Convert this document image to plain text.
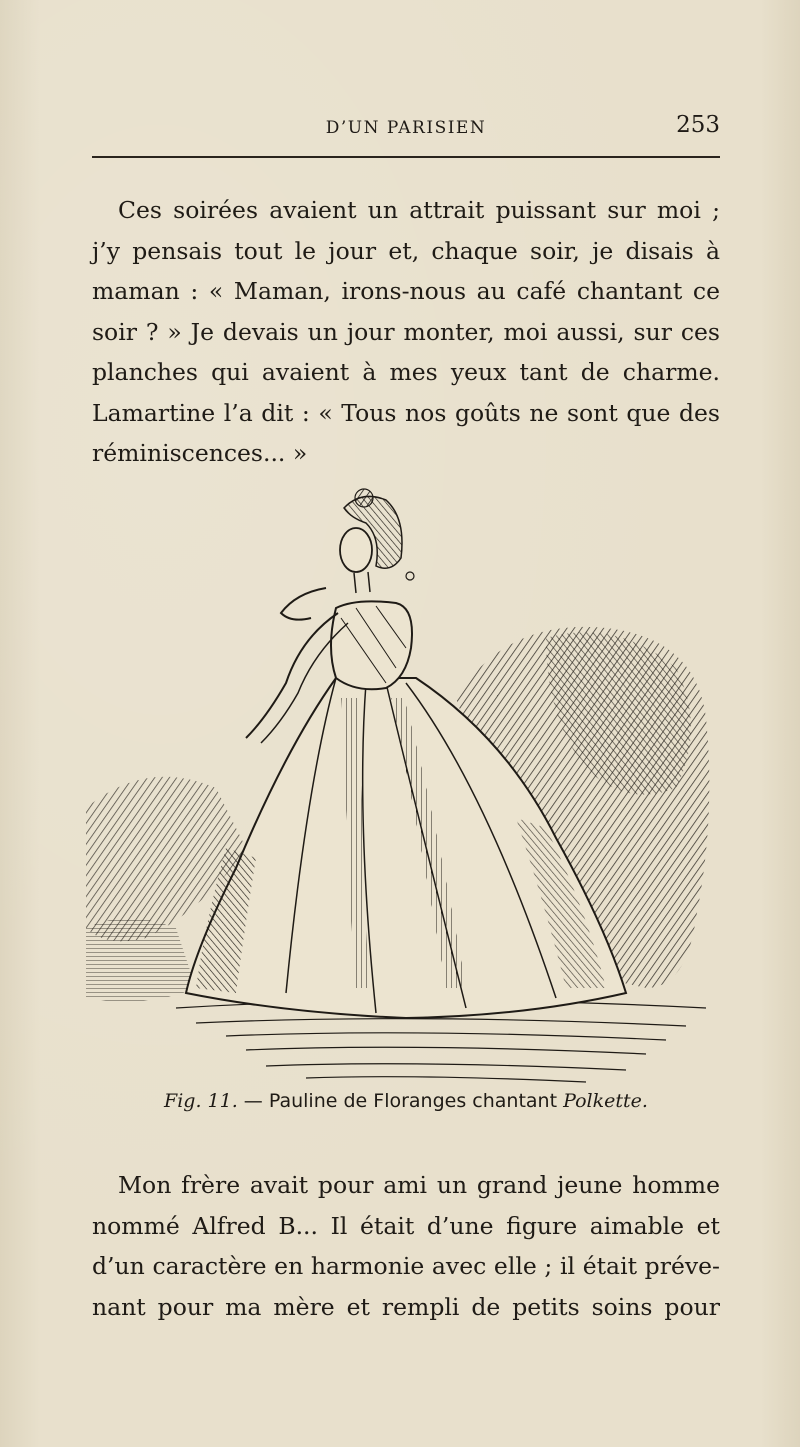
D’UN PARISIEN	253

Ces soirées avaient un attrait puissant sur moi ;
j’y pensais tout le jour et, chaque soir, je disais à
maman : « Maman, irons-nous au café chantant ce
soir ? » Je devais un jour monter, moi aussi, sur ces
planches qui avaient à mes yeux tant de charme.
Lamartine l’a dit : « Tous nos goûts ne sont que des
réminiscences... »

Fig. 11. — Pauline de Floranges chantant Polkette.

Mon frère avait pour ami un grand jeune homme
nommé Alfred B... Il était d’une figure aimable et
d’un caractère en harmonie avec elle ; il était préve-
nant pour ma mère et rempli de petits soins pour
